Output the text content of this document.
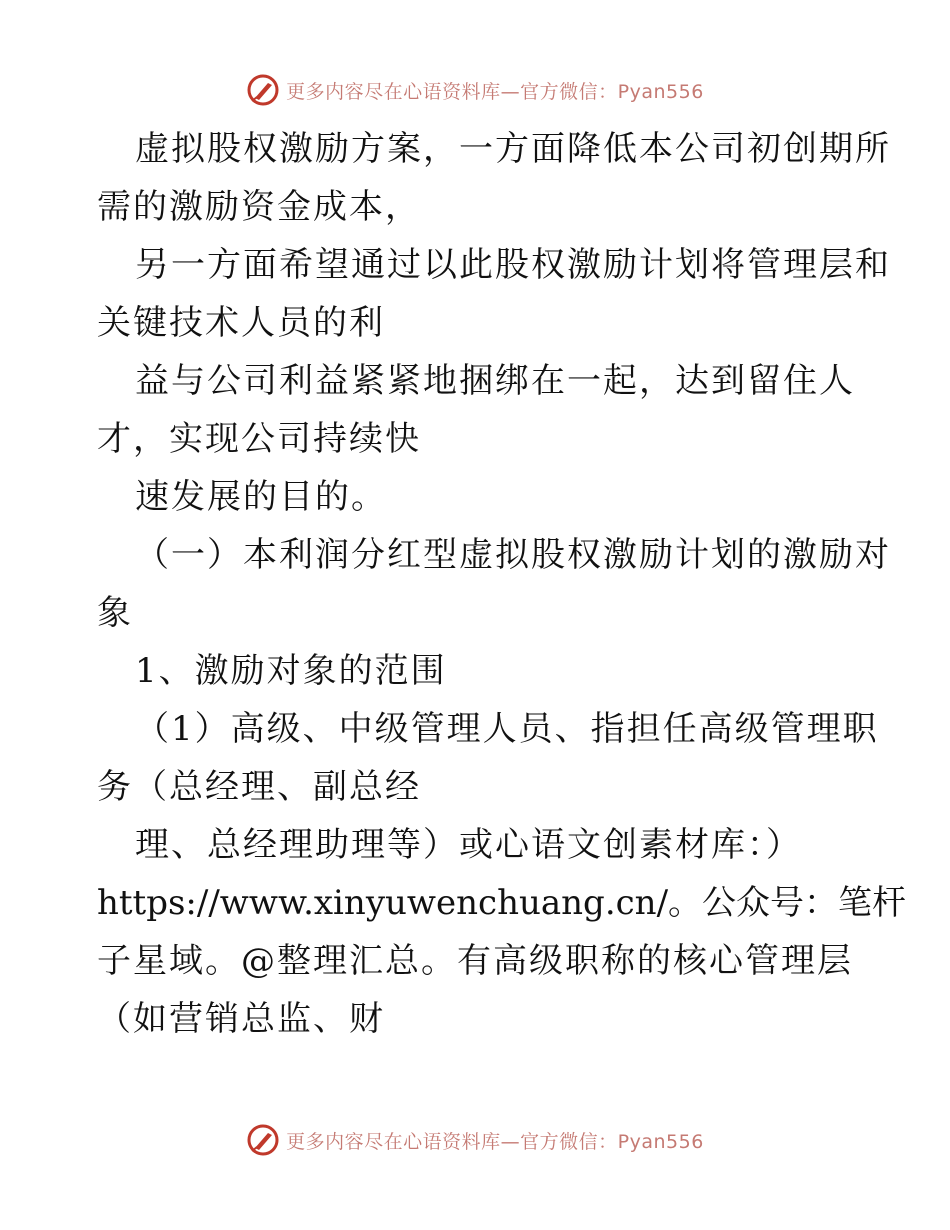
更多内容尽在心语资料库—官方微信：Pyan556
虚拟股权激励方案，一方面降低本公司初创期所
需的激励资金成本，
另一方面希望通过以此股权激励计划将管理层和
关键技术人员的利
益与公司利益紧紧地捆绑在一起，达到留住人
才，实现公司持续快
速发展的目的。
（一）本利润分红型虚拟股权激励计划的激励对
象
1、激励对象的范围
（1）高级、中级管理人员、指担任高级管理职
务（总经理、副总经
理、总经理助理等）或心语文创素材库：）
https://www.xinyuwenchuang.cn/。公众号：笔杆
子星域。@整理汇总。有高级职称的核心管理层
（如营销总监、财
更多内容尽在心语资料库—官方微信：Pyan556
